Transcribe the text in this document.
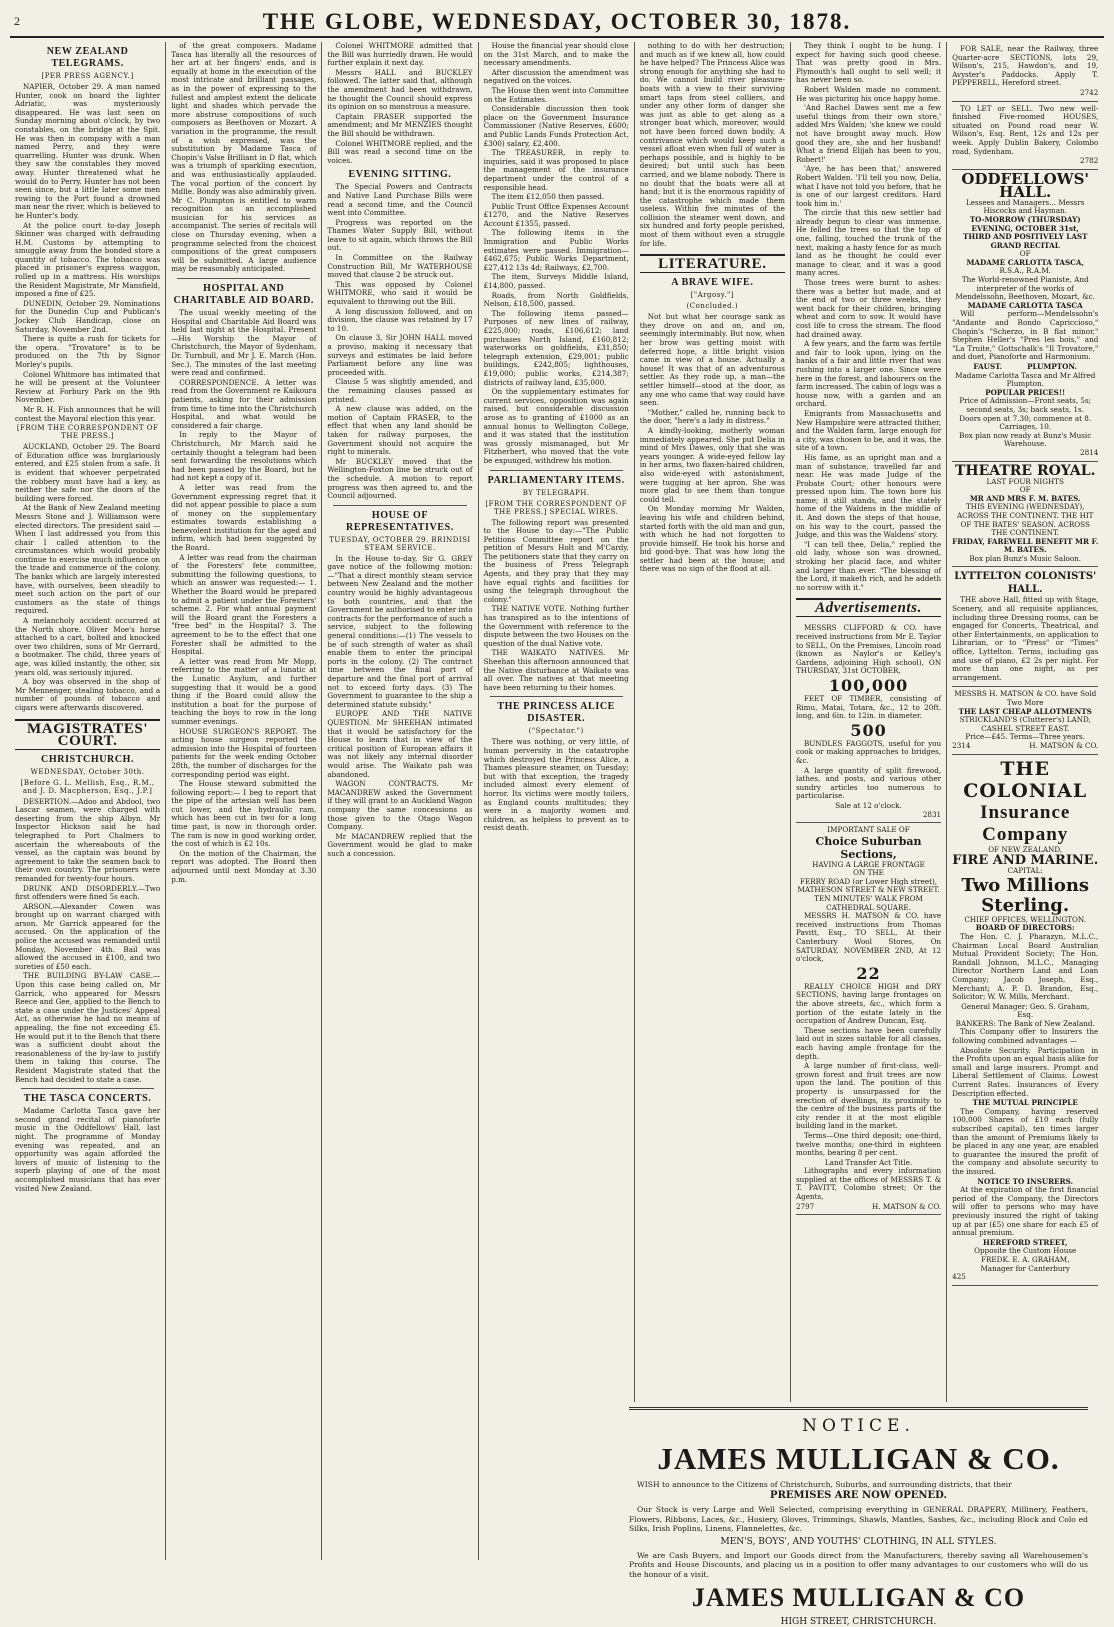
2	THE GLOBE, WEDNESDAY, OCTOBER 30, 1878.
NEW ZEALAND TELEGRAMS.
[PER PRESS AGENCY.]

NAPIER, October 29. A man named Hunter, cook on board the lighter Adriatic, was mysteriously disappeared. He was last seen on Sunday morning about o'clock, by two constables, on the bridge at the Spit. He was then in company with a man named Perry, and they were quarrelling. Hunter was drunk. When they saw the constables they moved away. Hunter threatened what he would do to Perry. Hunter has not been seen since, but a little later some men rowing to the Port found a drowned man near the river, which is believed to be Hunter's body.

At the police court to-day Joseph Skinner was charged with defrauding H.M. Customs by attempting to smuggle away from the bonded store a quantity of tobacco. The tobacco was placed in prisoner's express waggon, rolled up in a mattress. His worships the Resident Magistrate, Mr Mansfield, imposed a fine of £25.

DUNEDIN, October 29. Nominations for the Dunedin Cup and Publican's Jockey Club Handicap, close on Saturday, November 2nd.

There is quite a rush for tickets for the opera. "Trovatore" is to be produced on the 7th by Signor Morley's pupils.

Colonel Whitmore has intimated that he will be present at the Volunteer Review at Forbury Park on the 9th November.

Mr R. H. Fish announces that he will contest the Mayoral election this year.

[FROM THE CORRESPONDENT OF THE PRESS.]

AUCKLAND, October 29. The Board of Education office was burglariously entered, and £25 stolen from a safe. It is evident that whoever perpetrated the robbery must have had a key, as neither the safe nor the doors of the building were forced.

At the Bank of New Zealand meeting Messrs Stone and J. Williamson were elected directors. The president said — When I last addressed you from this chair I called attention to the circumstances which would probably continue to exercise much influence on the trade and commerce of the colony. The banks which are largely interested have, with ourselves, been steadily to meet such action on the part of our customers as the state of things required.

A melancholy accident occurred at the North shore. Oliver Moe's horse attached to a cart, bolted and knocked over two children, sons of Mr Gerrard, a bootmaker. The child, three years of age, was killed instantly, the other, six years old, was seriously injured.

A boy was observed in the shop of Mr Mennenger, stealing tobacco, and a number of pounds of tobacco and cigars were afterwards discovered.

MAGISTRATES' COURT.
CHRISTCHURCH.
WEDNESDAY, October 30th.
[Before G. L. Mellish, Esq., R.M., and J. D. Macpherson, Esq., J.P.]

DESERTION.—Adoo and Abdool, two Lascar seamen, were charged with deserting from the ship Albyn. Mr Inspector Hickson said he had telegraphed to Port Chalmers to ascertain the whereabouts of the vessel, as the captain was bound by agreement to take the seamen back to their own country. The prisoners were remanded for twenty-four hours.

DRUNK AND DISORDERLY.—Two first offenders were fined 5s each.

ARSON.—Alexander Cowen was brought up on warrant charged with arson. Mr Garrick appeared for the accused. On the application of the police the accused was remanded until Monday, November 4th. Bail was allowed the accused in £100, and two sureties of £50 each.

THE BUILDING BY-LAW CASE.—Upon this case being called on, Mr Garrick, who appeared for Messrs Reece and Gee, applied to the Bench to state a case under the Justices' Appeal Act, as otherwise he had no means of appealing, the fine not exceeding £5. He would put it to the Bench that there was a sufficient doubt about the reasonableness of the by-law to justify them in taking this course. The Resident Magistrate stated that the Bench had decided to state a case.

THE TASCA CONCERTS.

Madame Carlotta Tasca gave her second grand recital of pianoforte music in the Oddfellows' Hall, last night. The programme of Monday evening was repeated, and an opportunity was again afforded the lovers of music of listening to the superb playing of one of the most accomplished musicians that has ever visited New Zealand.

of the great composers. Madame Tasca has literally all the resources of her art at her fingers' ends, and is equally at home in the execution of the most intricate and brilliant passages, as in the power of expressing to the fullest and amplest extent the delicate light and shades which pervade the more abstruse compositions of such composers as Beethoven or Mozart. A variation in the programme, the result of a wish expressed, was the substitution by Madame Tasca of Chopin's Valse Brilliant in D flat, which was a triumph of sparkling execution, and was enthusiastically applauded. The vocal portion of the concert by Mdlle. Bondy was also admirably given. Mr C. Plumpton is entitled to warm recognition as an accomplished musician for his services as accompanist. The series of recitals will close on Thursday evening, when a programme selected from the choicest compositions of the great composers will be submitted. A large audience may be reasonably anticipated.

HOSPITAL AND CHARITABLE AID BOARD.

The usual weekly meeting of the Hospital and Charitable Aid Board was held last night at the Hospital. Present—His Worship the Mayor of Christchurch, the Mayor of Sydenham, Dr. Turnbull, and Mr J. E. March (Hon. Sec.). The minutes of the last meeting were read and confirmed.

CORRESPONDENCE. A letter was read from the Government re Kaikoura patients, asking for their admission from time to time into the Christchurch Hospital, and what would be considered a fair charge.

In reply to the Mayor of Christchurch, Mr March said he certainly thought a telegram had been sent forwarding the resolutions which had been passed by the Board, but he had not kept a copy of it.

A letter was read from the Government expressing regret that it did not appear possible to place a sum of money on the supplementary estimates towards establishing a benevolent institution for the aged and infirm, which had been suggested by the Board.

A letter was read from the chairman of the Foresters' fete committee, submitting the following questions, to which an answer was requested:— 1. Whether the Board would be prepared to admit a patient under the Foresters' scheme. 2. For what annual payment will the Board grant the Foresters a "free bed" in the Hospital? 3. The agreement to be to the effect that one Forester shall be admitted to the Hospital.

A letter was read from Mr Mopp, referring to the matter of a lunatic at the Lunatic Asylum, and further suggesting that it would be a good thing if the Board could allow the institution a boat for the purpose of teaching the boys to row in the long summer evenings.

HOUSE SURGEON'S REPORT. The acting house surgeon reported the admission into the Hospital of fourteen patients for the week ending October 28th, the number of discharges for the corresponding period was eight.

The House steward submitted the following report:— I beg to report that the pipe of the artesian well has been cut lower, and the hydraulic ram, which has been cut in two for a long time past, is now in thorough order. The ram is now in good working order, the cost of which is £2 10s.

On the motion of the Chairman, the report was adopted. The Board then adjourned until next Monday at 3.30 p.m.

Colonel WHITMORE admitted that the Bill was hurriedly drawn. He would further explain it next day.

Messrs HALL and BUCKLEY followed. The latter said that, although the amendment had been withdrawn, he thought the Council should express its opinion on so monstrous a measure.

Captain FRASER supported the amendment; and Mr MENZIES thought the Bill should be withdrawn.

Colonel WHITMORE replied, and the Bill was read a second time on the voices.

EVENING SITTING.

The Special Powers and Contracts and Native Land Purchase Bills were read a second time, and the Council went into Committee.

Progress was reported on the Thames Water Supply Bill, without leave to sit again, which throws the Bill out.

In Committee on the Railway Construction Bill, Mr WATERHOUSE moved that clause 2 be struck out.

This was opposed by Colonel WHITMORE, who said it would be equivalent to throwing out the Bill.

A long discussion followed, and on division, the clause was retained by 17 to 10.

On clause 3, Sir JOHN HALL moved a proviso, making it necessary that surveys and estimates be laid before Parliament before any line was proceeded with.

Clause 5 was slightly amended, and the remaining clauses passed as printed.

A new clause was added, on the motion of Captain FRASER, to the effect that when any land should be taken for railway purposes, the Government should not acquire the right to minerals.

Mr BUCKLEY moved that the Wellington-Foxton line be struck out of the schedule. A motion to report progress was then agreed to, and the Council adjourned.

HOUSE OF REPRESENTATIVES.
TUESDAY, OCTOBER 29. BRINDISI STEAM SERVICE.

In the House to-day, Sir G. GREY gave notice of the following motion:—"That a direct monthly steam service between New Zealand and the mother country would be highly advantageous to both countries, and that the Government be authorised to enter into contracts for the performance of such a service, subject to the following general conditions:—(1) The vessels to be of such strength of water as shall enable them to enter the principal ports in the colony. (2) The contract time between the final port of departure and the final port of arrival not to exceed forty days. (3) The Government to guarantee to the ship a determined statute subsidy."

EUROPE AND THE NATIVE QUESTION. Mr SHEEHAN intimated that it would be satisfactory for the House to learn that in view of the critical position of European affairs it was not likely any internal disorder would arise. The Waikato pah was abandoned.

WAGON CONTRACTS. Mr MACANDREW asked the Government if they will grant to an Auckland Wagon company the same concessions as those given to the Otago Wagon Company.

Mr MACANDREW replied that the Government would be glad to make such a concession.

House the financial year should close on the 31st March, and to make the necessary amendments.

After discussion the amendment was negatived on the voices.

The House then went into Committee on the Estimates.

Considerable discussion then took place on the Government Insurance Commissioner (Native Reserves, £600; and Public Lands Funds Protection Act, £300) salary, £2,400.

The TREASURER, in reply to inquiries, said it was proposed to place the management of the insurance department under the control of a responsible head.

The item £12,050 then passed.

Public Trust Office Expenses Account £1270, and the Native Reserves Account £1355, passed.

The following items in the Immigration and Public Works estimates were passed. Immigration—£462,675; Public Works Department, £27,412 13s 4d; Railways, £2,700.

The item, Surveys Middle Island, £14,800, passed.

Roads, from North Goldfields, Nelson, £18,500, passed.

The following items passed—Purposes of new lines of railway, £225,000; roads, £106,612; land purchases North Island, £160,812; waterworks on goldfields, £31,850; telegraph extension, £29,001; public buildings, £242,805; lighthouses, £19,000; public works, £214,387; districts of railway land, £35,000.

On the supplementary estimates for current services, opposition was again raised, but considerable discussion arose as to granting of £1000 as an annual bonus to Wellington College, and it was stated that the institution was grossly mismanaged, but Mr Fitzherbert, who moved that the vote be expunged, withdrew his motion.

PARLIAMENTARY ITEMS.
BY TELEGRAPH.
[FROM THE CORRESPONDENT OF THE PRESS.] SPECIAL WIRES.

The following report was presented to the House to day:—"The Public Petitions Committee report on the petition of Messrs Holt and M'Cardy. The petitioners state that they carry on the business of Press Telegraph Agents, and they pray that they may have equal rights and facilities for using the telegraph throughout the colony."

THE NATIVE VOTE. Nothing further has transpired as to the intentions of the Government with reference to the dispute between the two Houses on the question of the dual Native vote.

THE WAIKATO NATIVES. Mr Sheehan this afternoon announced that the Native disturbance at Waikato was all over. The natives at that meeting have been returning to their homes.

THE PRINCESS ALICE DISASTER.
("Spectator.")

There was nothing, or very little, of human perversity in the catastrophe which destroyed the Princess Alice, a Thames pleasure steamer, on Tuesday; but with that exception, the tragedy included almost every element of horror. Its victims were mostly toilers, as England counts multitudes; they were in a majority women and children, as helpless to prevent as to resist death.

nothing to do with her destruction; and much as if we knew all, how could he have helped? The Princess Alice was strong enough for anything she had to do. We cannot build river pleasure-boats with a view to their surviving smart taps from steel colliers, and under any other form of danger she was just as able to get along as a stronger boat which, moreover, would not have been forced down bodily. A contrivance which would keep such a vessel afloat even when full of water is perhaps possible, and is highly to be desired; but until such has been carried, and we blame nobody. There is no doubt that the boats were all at hand; but it is the enormous rapidity of the catastrophe which made them useless. Within five minutes of the collision the steamer went down, and six hundred and forty people perished, most of them without even a struggle for life.

LITERATURE.
A BRAVE WIFE.
["Argosy."]
(Concluded.)

Not but what her courage sank as they drove on and on, and on, seemingly interminably. But now, when her brow was getting moist with deferred hope, a little bright vision came in view of a house. Actually a house! It was that of an adventurous settler. As they rode up, a man—the settler himself—stood at the door, as any one who came that way could have seen.

"Mother," called he, running back to the door, "here's a lady in distress."

A kindly-looking, motherly woman immediately appeared. She put Delia in mind of Mrs Dawes, only that she was years younger. A wide-eyed fellow lay in her arms, two flaxen-haired children, also wide-eyed with astonishment, were tugging at her apron. She was more glad to see them than tongue could tell.

On Monday morning Mr Walden, leaving his wife and children behind, started forth with the old man and gun, with which he had not forgotten to provide himself. He took his horse and bid good-bye. That was how long the settler had been at the house; and there was no sign of the flood at all.

They think I ought to be hung. I expect for having such good cheese. That was pretty good in Mrs. Plymouth's hall ought to sell well; it has never been so.

Robert Walden made no comment. He was picturing his once happy home.

'And Rachel Dawes sent me a few useful things from their own store,' added Mrs Walden; 'she knew we could not have brought away much. How good they are, she and her husband! What a friend Elijah has been to you, Robert!'

'Aye, he has been that,' answered Robert Walden. 'I'll tell you now, Delia, what I have not told you before, that he is one of our largest creditors. Hard took him in.'

The circle that this new settler had already begun to clear was immense. He felled the trees so that the top of one, falling, touched the trunk of the next, making a hasty fence for as much land as he thought he could ever manage to clear, and it was a good many acres.

Those trees were burnt to ashes: there was a better hut made, and at the end of two or three weeks, they went back for their children, bringing wheat and corn to sow. It would have cost life to cross the stream. The flood had drained away.

A few years, and the farm was fertile and fair to look upon, lying on the banks of a fair and little river that was rushing into a larger one. Since were here in the forest, and labourers on the farm increased. The cabin of logs was a house now, with a garden and an orchard.

Emigrants from Massachusetts and New Hampshire were attracted thither, and the Walden farm, large enough for a city, was chosen to be, and it was, the site of a town.

His fame, as an upright man and a man of substance, travelled far and near. He was made Judge of the Probate Court; other honours were pressed upon him. The town bore his name; it still stands, and the stately home of the Waldens in the middle of it. And down the steps of that house, on his way to the court, passed the Judge, and this was the Waldens' story.

"I can tell thee, Delia," replied the old lady, whose son was drowned, stroking her placid face, and whiter and larger than ever. "The blessing of the Lord, it maketh rich, and he addeth no sorrow with it."

Advertisements.

MESSRS CLIFFORD & CO. have received instructions from Mr E. Taylor to SELL, On the Premises, Lincoln road (known as Naylor's or Kelley's Gardens, adjoining High school), ON THURSDAY, 31st OCTOBER,

100,000

FEET OF TIMBER, consisting of Rimu, Matai, Totara, &c., 12 to 20ft. long, and 6in. to 12in. in diameter.

500

BUNDLES FAGGOTS, useful for you cook or making approaches to bridges, &c.

A large quantity of split firewood, lathes, and posts, and various other sundry articles too numerous to particularise.

Sale at 12 o'clock.
2831
IMPORTANT SALE OF
Choice Suburban Sections,
HAVING A LARGE FRONTAGE
ON THE
FERRY ROAD (or Lower High street),
MATHESON STREET & NEW STREET.
TEN MINUTES' WALK FROM CATHEDRAL SQUARE.

MESSRS H. MATSON & CO. have received instructions from Thomas Pavitt, Esq., TO SELL, At their Canterbury Wool Stores, On SATURDAY, NOVEMBER 2ND, At 12 o'clock,

22

REALLY CHOICE HIGH and DRY SECTIONS, having large frontages on the above streets, &c., which form a portion of the estate lately in the occupation of Andrew Duncan, Esq.

These sections have been carefully laid out in sizes suitable for all classes, each having ample frontage for the depth.

A large number of first-class, well-grown forest and fruit trees are now upon the land. The position of this property is unsurpassed for the erection of dwellings, its proximity to the centre of the business parts of the city render it at the most eligible building land in the market.

Terms—One third deposit; one-third, twelve months; one-third in eighteen months, bearing 8 per cent.

Land Transfer Act Title.

Lithographs and every information supplied at the offices of MESSRS T. & T. PAVITT, Colombo street; Or the Agents,

2797	H. MATSON & CO.

FOR SALE, near the Railway, three Quarter-acre SECTIONS, lots 29, Wilson's, 215, Hawdon's, and 19, Avyster's Paddocks. Apply T. PEPPERELL, Hereford street.

2742

TO LET or SELL. Two new well-finished Five-roomed HOUSES, situated on Pound road near W. Wilson's, Esq. Rent, 12s and 12s per week. Apply Dublin Bakery, Colombo road, Sydenham.

2782
ODDFELLOWS' HALL.
Lessees and Managers... Messrs Hiscocks and Hayman.
TO-MORROW (THURSDAY) EVENING, OCTOBER 31st,
THIRD AND POSITIVELY LAST GRAND RECITAL
OF
MADAME CARLOTTA TASCA,
R.S.A., R.A.M.
The World-renowned Pianiste, And interpreter of the works of Mendelssohn, Beethoven, Mozart, &c.
MADAME CARLOTTA TASCA

Will perform—Mendelssohn's "Andante and Rondo Capriccioso," Chopin's "Scherzo, in B flat minor," Stephen Heller's "Pres les bois," and "La Truite," Gottschalk's "Il Trovatore," and duet, Pianoforte and Harmonium.

FAUST.          PLUMPTON.
Madame Carlotta Tasca and Mr Alfred Plumpton.
POPULAR PRICES!!
Price of Admission—Front seats, 5s; second seats, 3s; back seats, 1s.
Doors open at 7.30; commence at 8. Carriages, 10.
Box plan now ready at Bunz's Music Warehouse.
2814
THEATRE ROYAL.
LAST FOUR NIGHTS
OF
MR AND MRS F. M. BATES.
THIS EVENING (WEDNESDAY), ACROSS THE CONTINENT. THE HIT OF THE BATES' SEASON. ACROSS THE CONTINENT.
FRIDAY, FAREWELL BENEFIT MR F. M. BATES.
Box plan Bunz's Music Saloon.
LYTTELTON COLONISTS' HALL.

THE above Hall, fitted up with Stage, Scenery, and all requisite appliances, including three Dressing rooms, can be engaged for Concerts, Theatrical, and other Entertainments, on application to Librarian, or to "Press" or "Times" office, Lyttelton. Terms, including gas and use of piano, £2 2s per night. For more than one night, as per arrangement.

MESSRS H. MATSON & CO. have Sold Two More
THE LAST CHEAP ALLOTMENTS
STRICKLAND'S (Clutterer's) LAND, CASHEL STREET EAST.
Price—£45. Terms—Three years.
2314	H. MATSON & CO.
THE COLONIAL
Insurance Company
OF NEW ZEALAND,
FIRE AND MARINE.
CAPITAL:
Two Millions Sterling.
CHIEF OFFICES, WELLINGTON.
BOARD OF DIRECTORS:

The Hon. C. J. Pharazyn, M.L.C., Chairman Local Board Australian Mutual Provident Society; The Hon. Randall Johnson, M.L.C., Managing Director Northern Land and Loan Company; Jacob Joseph, Esq., Merchant; A. P. D. Brandon, Esq., Solicitor; W. W. Mills, Merchant.

General Manager: Geo. S. Graham, Esq.
BANKERS: The Bank of New Zealand.

This Company offer to Insurers the following combined advantages —

Absolute Security. Participation in the Profits upon an equal basis alike for small and large insurers. Prompt and Liberal Settlement of Claims. Lowest Current Rates. Insurances of Every Description effected.

THE MUTUAL PRINCIPLE

The Company, having reserved 100,000 Shares of £10 each (fully subscribed capital), ten times larger than the amount of Premiums likely to be placed in any one year, are enabled to guarantee the insured the profit of the company and absolute security to the insured.

NOTICE TO INSURERS.

At the expiration of the first financial period of the Company, the Directors will offer to persons who may have previously insured the right of taking up at par (£5) one share for each £5 of annual premium.

HEREFORD STREET,
Opposite the Custom House
FREDK. E. A. GRAHAM,
Manager for Canterbury
425
NOTICE.
JAMES MULLIGAN & CO.

WISH to announce to the Citizens of Christchurch, Suburbs, and surrounding districts, that their

PREMISES ARE NOW OPENED.

Our Stock is very Large and Well Selected, comprising everything in GENERAL DRAPERY, Millinery, Feathers, Flowers, Ribbons, Laces, &c., Hosiery, Gloves, Trimmings, Shawls, Mantles, Sashes, &c., including Block and Colo ed Silks, Irish Poplins, Linens, Flannelettes, &c.

MEN'S, BOYS', AND YOUTHS' CLOTHING, IN ALL STYLES.

We are Cash Buyers, and Import our Goods direct from the Manufacturers, thereby saving all Warehousemen's Profits and House Discounts, and placing us in a position to offer many advantages to our customers who will do us the honour of a visit.

JAMES MULLIGAN & CO
HIGH STREET, CHRISTCHURCH.
